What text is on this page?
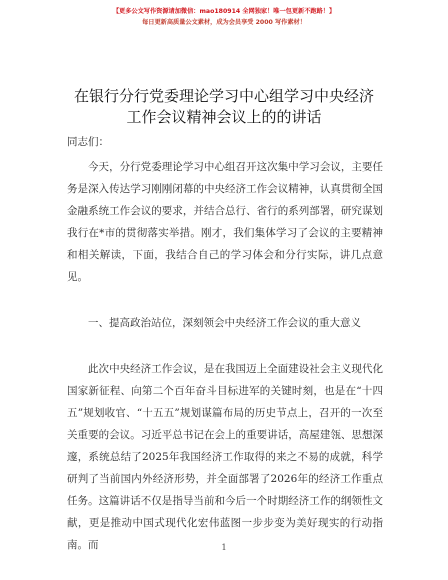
【更多公文写作资源请加微信：mao180914 全网独家！唯一包更新不跑路！】
每日更新高质量公文素材，成为会员享受 2000 写作素材！
在银行分行党委理论学习中心组学习中央经济
工作会议精神会议上的的讲话
同志们：
今天，分行党委理论学习中心组召开这次集中学习会议，主要任务是深入传达学习刚刚闭幕的中央经济工作会议精神，认真贯彻全国金融系统工作会议的要求，并结合总行、省行的系列部署，研究谋划我行在*市的贯彻落实举措。刚才，我们集体学习了会议的主要精神和相关解读，下面，我结合自己的学习体会和分行实际，讲几点意见。
一、提高政治站位，深刻领会中央经济工作会议的重大意义
此次中央经济工作会议，是在我国迈上全面建设社会主义现代化国家新征程、向第二个百年奋斗目标进军的关键时刻，也是在“十四五”规划收官、“十五五”规划谋篇布局的历史节点上，召开的一次至关重要的会议。习近平总书记在会上的重要讲话，高屋建瓴、思想深邃，系统总结了2025年我国经济工作取得的来之不易的成就，科学研判了当前国内外经济形势，并全面部署了2026年的经济工作重点任务。这篇讲话不仅是指导当前和今后一个时期经济工作的纲领性文献，更是推动中国式现代化宏伟蓝图一步步变为美好现实的行动指南。而	1
